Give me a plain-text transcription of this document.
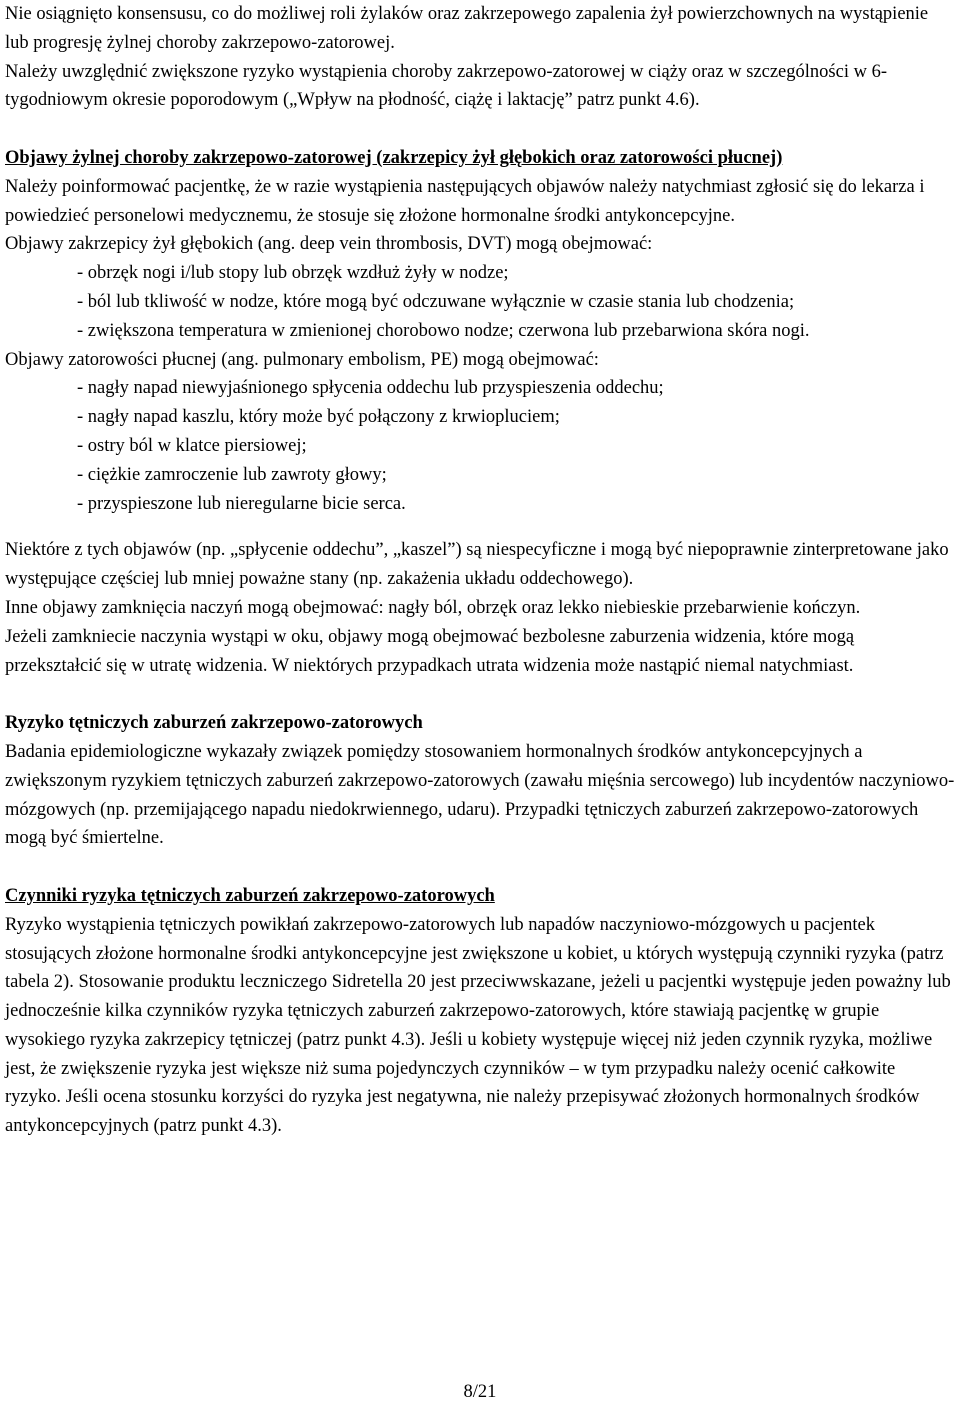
Nie osiągnięto konsensusu, co do możliwej roli żylaków oraz zakrzepowego zapalenia żył powierzchownych na wystąpienie lub progresję żylnej choroby zakrzepowo-zatorowej.

Należy uwzględnić zwiększone ryzyko wystąpienia choroby zakrzepowo-zatorowej w ciąży oraz w szczególności w 6-tygodniowym okresie poporodowym („Wpływ na płodność, ciążę i laktację” patrz punkt 4.6).

Objawy żylnej choroby zakrzepowo-zatorowej (zakrzepicy żył głębokich oraz zatorowości płucnej)

Należy poinformować pacjentkę, że w razie wystąpienia następujących objawów należy natychmiast zgłosić się do lekarza i powiedzieć personelowi medycznemu, że stosuje się złożone hormonalne środki antykoncepcyjne.

Objawy zakrzepicy żył głębokich (ang. deep vein thrombosis, DVT) mogą obejmować:

- obrzęk nogi i/lub stopy lub obrzęk wzdłuż żyły w nodze;
- ból lub tkliwość w nodze, które mogą być odczuwane wyłącznie w czasie stania lub chodzenia;
- zwiększona temperatura w zmienionej chorobowo nodze; czerwona lub przebarwiona skóra nogi.

Objawy zatorowości płucnej (ang. pulmonary embolism, PE) mogą obejmować:

- nagły napad niewyjaśnionego spłycenia oddechu lub przyspieszenia oddechu;
- nagły napad kaszlu, który może być połączony z krwiopluciem;
- ostry ból w klatce piersiowej;
- ciężkie zamroczenie lub zawroty głowy;
- przyspieszone lub nieregularne bicie serca.

Niektóre z tych objawów (np. „spłycenie oddechu”, „kaszel”) są niespecyficzne i mogą być niepoprawnie zinterpretowane jako występujące częściej lub mniej poważne stany (np. zakażenia układu oddechowego).

Inne objawy zamknięcia naczyń mogą obejmować: nagły ból, obrzęk oraz lekko niebieskie przebarwienie kończyn.

Jeżeli zamkniecie naczynia wystąpi w oku, objawy mogą obejmować bezbolesne zaburzenia widzenia, które mogą przekształcić się w utratę widzenia. W niektórych przypadkach utrata widzenia może nastąpić niemal natychmiast.

Ryzyko tętniczych zaburzeń zakrzepowo-zatorowych

Badania epidemiologiczne wykazały związek pomiędzy stosowaniem hormonalnych środków antykoncepcyjnych a zwiększonym ryzykiem tętniczych zaburzeń zakrzepowo-zatorowych (zawału mięśnia sercowego) lub incydentów naczyniowo-mózgowych (np. przemijającego napadu niedokrwiennego, udaru). Przypadki tętniczych zaburzeń zakrzepowo-zatorowych mogą być śmiertelne.

Czynniki ryzyka tętniczych zaburzeń zakrzepowo-zatorowych

Ryzyko wystąpienia tętniczych powikłań zakrzepowo-zatorowych lub napadów naczyniowo-mózgowych u pacjentek stosujących złożone hormonalne środki antykoncepcyjne jest zwiększone u kobiet, u których występują czynniki ryzyka (patrz tabela 2). Stosowanie produktu leczniczego Sidretella 20 jest przeciwwskazane, jeżeli u pacjentki występuje jeden poważny lub jednocześnie kilka czynników ryzyka tętniczych zaburzeń zakrzepowo-zatorowych, które stawiają pacjentkę w grupie wysokiego ryzyka zakrzepicy tętniczej (patrz punkt 4.3). Jeśli u kobiety występuje więcej niż jeden czynnik ryzyka, możliwe jest, że zwiększenie ryzyka jest większe niż suma pojedynczych czynników – w tym przypadku należy ocenić całkowite ryzyko. Jeśli ocena stosunku korzyści do ryzyka jest negatywna, nie należy przepisywać złożonych hormonalnych środków antykoncepcyjnych (patrz punkt 4.3).

8/21
